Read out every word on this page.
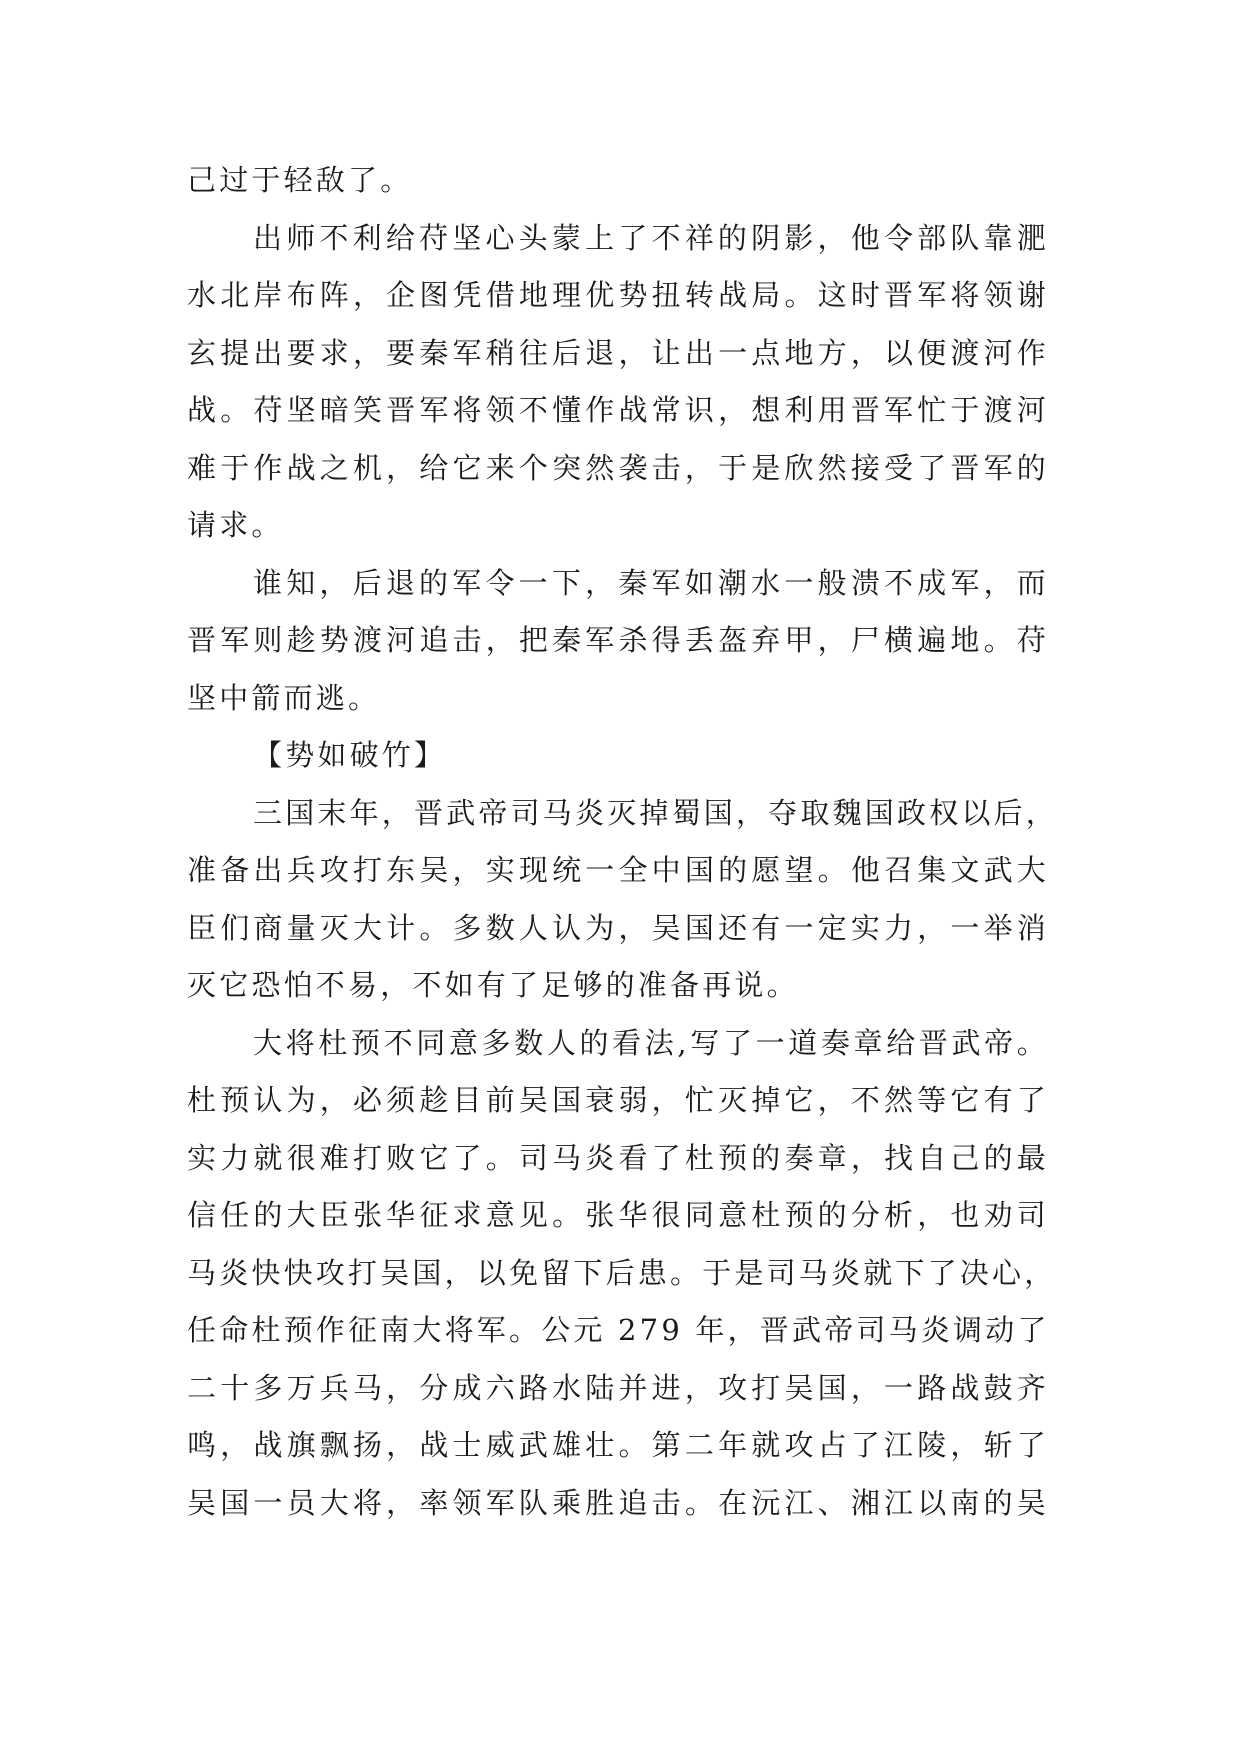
己过于轻敌了。
出师不利给苻坚心头蒙上了不祥的阴影，他令部队靠淝
水北岸布阵，企图凭借地理优势扭转战局。这时晋军将领谢
玄提出要求，要秦军稍往后退，让出一点地方，以便渡河作
战。苻坚暗笑晋军将领不懂作战常识，想利用晋军忙于渡河
难于作战之机，给它来个突然袭击，于是欣然接受了晋军的
请求。
谁知，后退的军令一下，秦军如潮水一般溃不成军，而
晋军则趁势渡河追击，把秦军杀得丢盔弃甲，尸横遍地。苻
坚中箭而逃。
【势如破竹】
三国末年，晋武帝司马炎灭掉蜀国，夺取魏国政权以后，
准备出兵攻打东吴，实现统一全中国的愿望。他召集文武大
臣们商量灭大计。多数人认为，吴国还有一定实力，一举消
灭它恐怕不易，不如有了足够的准备再说。
大将杜预不同意多数人的看法,写了一道奏章给晋武帝。
杜预认为，必须趁目前吴国衰弱，忙灭掉它，不然等它有了
实力就很难打败它了。司马炎看了杜预的奏章，找自己的最
信任的大臣张华征求意见。张华很同意杜预的分析，也劝司
马炎快快攻打吴国，以免留下后患。于是司马炎就下了决心，
任命杜预作征南大将军。公元 279 年，晋武帝司马炎调动了
二十多万兵马，分成六路水陆并进，攻打吴国，一路战鼓齐
鸣，战旗飘扬，战士威武雄壮。第二年就攻占了江陵，斩了
吴国一员大将，率领军队乘胜追击。在沅江、湘江以南的吴
